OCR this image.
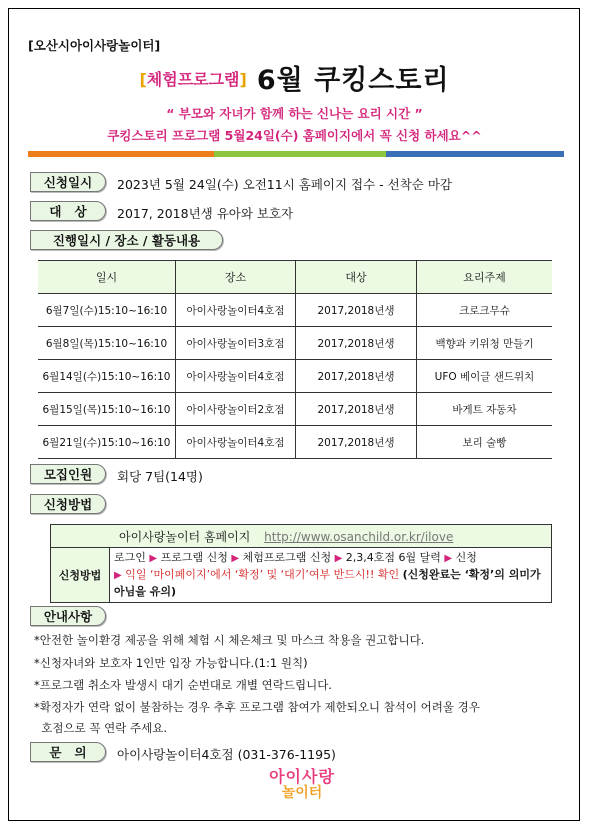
[오산시아이사랑놀이터]
[체험프로그램] 6월 쿠킹스토리
“ 부모와 자녀가 함께 하는 신나는 요리 시간 ”
쿠킹스토리 프로그램 5월24일(수) 홈페이지에서 꼭 신청 하세요^^
신청일시	2023년 5월 24일(수) 오전11시 홈페이지 접수 - 선착순 마감
대   상	2017, 2018년생 유아와 보호자
진행일시 / 장소 / 활동내용
일시	장소	대상	요리주제
6월7일(수)15:10~16:10	아이사랑놀이터4호점	2017,2018년생	크로크무슈
6월8일(목)15:10~16:10	아이사랑놀이터3호점	2017,2018년생	백향과 키위청 만들기
6월14일(수)15:10~16:10	아이사랑놀이터4호점	2017,2018년생	UFO 베이글 샌드위치
6월15일(목)15:10~16:10	아이사랑놀이터2호점	2017,2018년생	바게트 자동차
6월21일(수)15:10~16:10	아이사랑놀이터4호점	2017,2018년생	보리 술빵
모집인원	회당 7팀(14명)
신청방법
아이사랑놀이터 홈페이지 http://www.osanchild.or.kr/ilove
신청방법	로그인 ▶ 프로그램 신청 ▶ 체험프로그램 신청 ▶ 2,3,4호점 6월 달력 ▶ 신청
▶ 익일 ‘마이페이지’에서 ‘확정’ 및 ‘대기’여부 반드시!! 확인 (신청완료는 ‘확정’의 의미가 아님을 유의)
안내사항
*안전한 놀이환경 제공을 위해 체험 시 체온체크 및 마스크 착용을 권고합니다.
*신청자녀와 보호자 1인만 입장 가능합니다.(1:1 원칙)
*프로그램 취소자 발생시 대기 순번대로 개별 연락드립니다.
*확정자가 연락 없이 불참하는 경우 추후 프로그램 참여가 제한되오니 참석이 어려울 경우
호점으로 꼭 연락 주세요.
문   의	아이사랑놀이터4호점 (031-376-1195)
아이사랑
놀이터
